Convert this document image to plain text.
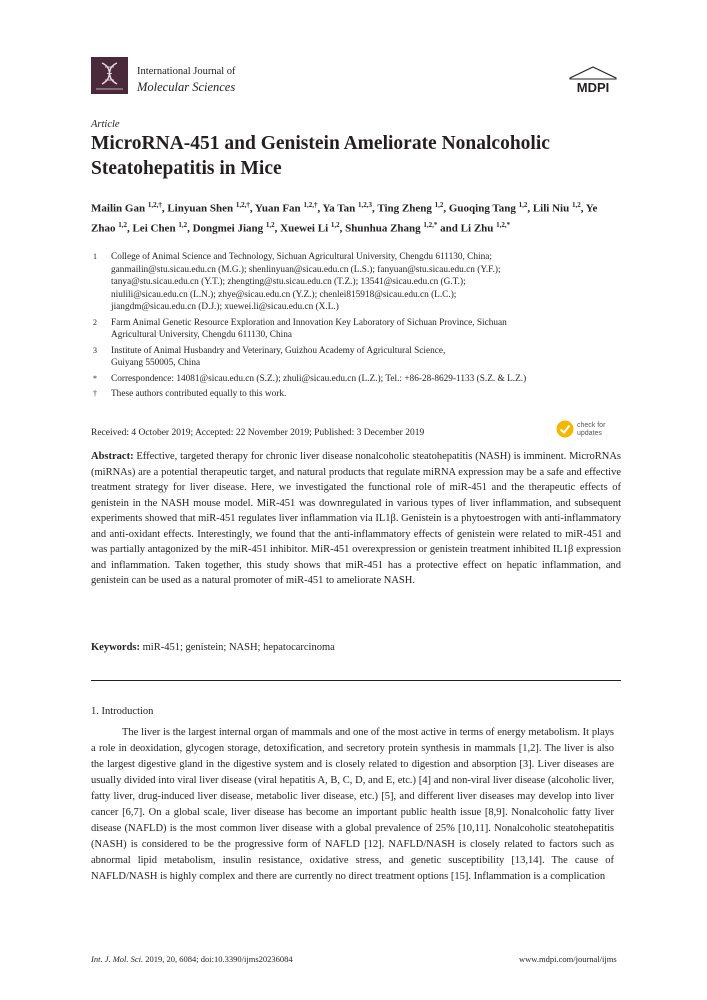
International Journal of
Molecular Sciences	MDPI
Article
MicroRNA-451 and Genistein Ameliorate Nonalcoholic Steatohepatitis in Mice
Mailin Gan $^{1,2,\dagger}$, Linyuan Shen $^{1,2,\dagger}$, Yuan Fan $^{1,2,\dagger}$, Ya Tan $^{1,2,3}$, Ting Zheng $^{1,2}$, Guoqing Tang $^{1,2}$, Lili Niu $^{1,2}$, Ye Zhao $^{1,2}$, Lei Chen $^{1,2}$, Dongmei Jiang $^{1,2}$, Xuewei Li $^{1,2}$, Shunhua Zhang $^{1,2,*}$ and Li Zhu $^{1,2,*}$
1 College of Animal Science and Technology, Sichuan Agricultural University, Chengdu 611130, China;
ganmailin@stu.sicau.edu.cn (M.G.); shenlinyuan@sicau.edu.cn (L.S.); fanyuan@stu.sicau.edu.cn (Y.F.);
tanya@stu.sicau.edu.cn (Y.T.); zhengting@stu.sicau.edu.cn (T.Z.); 13541@sicau.edu.cn (G.T.);
niulili@sicau.edu.cn (L.N.); zhye@sicau.edu.cn (Y.Z.); chenlei815918@sicau.edu.cn (L.C.);
jiangdm@sicau.edu.cn (D.J.); xuewei.li@sicau.edu.cn (X.L.)
2 Farm Animal Genetic Resource Exploration and Innovation Key Laboratory of Sichuan Province, Sichuan
Agricultural University, Chengdu 611130, China
3 Institute of Animal Husbandry and Veterinary, Guizhou Academy of Agricultural Science,
Guiyang 550005, China
* Correspondence: 14081@sicau.edu.cn (S.Z.); zhuli@sicau.edu.cn (L.Z.); Tel.: +86-28-8629-1133 (S.Z. & L.Z.)
† These authors contributed equally to this work.
Received: 4 October 2019; Accepted: 22 November 2019; Published: 3 December 2019
check for
updates
Abstract: Effective, targeted therapy for chronic liver disease nonalcoholic steatohepatitis (NASH) is imminent. MicroRNAs (miRNAs) are a potential therapeutic target, and natural products that regulate miRNA expression may be a safe and effective treatment strategy for liver disease. Here, we investigated the functional role of miR-451 and the therapeutic effects of genistein in the NASH mouse model. MiR-451 was downregulated in various types of liver inflammation, and subsequent experiments showed that miR-451 regulates liver inflammation via IL1β. Genistein is a phytoestrogen with anti-inflammatory and anti-oxidant effects. Interestingly, we found that the anti-inflammatory effects of genistein were related to miR-451 and was partially antagonized by the miR-451 inhibitor. MiR-451 overexpression or genistein treatment inhibited IL1β expression and inflammation. Taken together, this study shows that miR-451 has a protective effect on hepatic inflammation, and genistein can be used as a natural promoter of miR-451 to ameliorate NASH.
Keywords: miR-451; genistein; NASH; hepatocarcinoma
1. Introduction
The liver is the largest internal organ of mammals and one of the most active in terms of energy metabolism. It plays a role in deoxidation, glycogen storage, detoxification, and secretory protein synthesis in mammals [1,2]. The liver is also the largest digestive gland in the digestive system and is closely related to digestion and absorption [3]. Liver diseases are usually divided into viral liver disease (viral hepatitis A, B, C, D, and E, etc.) [4] and non-viral liver disease (alcoholic liver, fatty liver, drug-induced liver disease, metabolic liver disease, etc.) [5], and different liver diseases may develop into liver cancer [6,7]. On a global scale, liver disease has become an important public health issue [8,9]. Nonalcoholic fatty liver disease (NAFLD) is the most common liver disease with a global prevalence of 25% [10,11]. Nonalcoholic steatohepatitis (NASH) is considered to be the progressive form of NAFLD [12]. NAFLD/NASH is closely related to factors such as abnormal lipid metabolism, insulin resistance, oxidative stress, and genetic susceptibility [13,14]. The cause of NAFLD/NASH is highly complex and there are currently no direct treatment options [15]. Inflammation is a complication
Int. J. Mol. Sci. 2019, 20, 6084; doi:10.3390/ijms20236084	www.mdpi.com/journal/ijms
